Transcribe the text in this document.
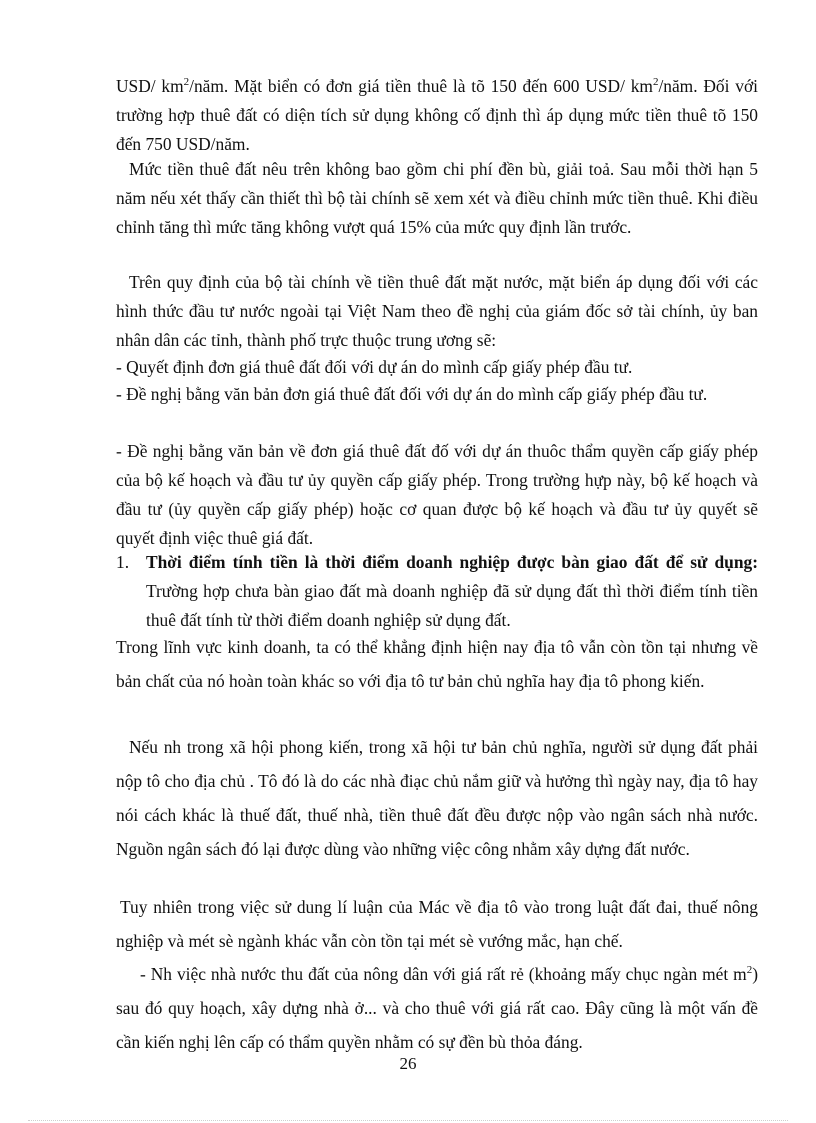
USD/ $km^2$/năm. Mặt biển có đơn giá tiền thuê là tõ 150 đến 600 USD/ $km^2$/năm. Đối với trường hợp thuê đất có diện tích sử dụng không cố định thì áp dụng mức tiền thuê tõ 150 đến 750 USD/năm.

Mức tiền thuê đất nêu trên không bao gồm chi phí đền bù, giải toả. Sau mỗi thời hạn 5 năm nếu xét thấy cần thiết thì bộ tài chính sẽ xem xét và điều chỉnh mức tiền thuê. Khi điều chỉnh tăng thì mức tăng không vượt quá 15% của mức quy định lần trước.

Trên quy định của bộ tài chính về tiền thuê đất mặt nước, mặt biển áp dụng đối với các hình thức đầu tư nước ngoài tại Việt Nam theo đề nghị của giám đốc sở tài chính, ủy ban nhân dân các tỉnh, thành phố trực thuộc trung ương sẽ:

- Quyết định đơn giá thuê đất đối với dự án do mình cấp giấy phép đầu tư.

- Đề nghị bằng văn bản đơn giá thuê đất đối với dự án do mình cấp giấy phép đầu tư.

- Đề nghị bằng văn bản về đơn giá thuê đất đố với dự án thuôc thẩm quyền cấp giấy phép của bộ kế hoạch và đầu tư ủy quyền cấp giấy phép. Trong trường hựp này, bộ kế hoạch và đầu tư (ủy quyền cấp giấy phép) hoặc cơ quan được bộ kế hoạch và đầu tư ủy quyết sẽ quyết định việc thuê giá đất.

1. Thời điểm tính tiền là thời điểm doanh nghiệp được bàn giao đất để sử dụng: Trường hợp chưa bàn giao đất mà doanh nghiệp đã sử dụng đất thì thời điểm tính tiền thuê đất tính từ thời điểm doanh nghiệp sử dụng đất.

Trong lĩnh vực kinh doanh, ta có thể khẳng định hiện nay địa tô vẫn còn tồn tại nhưng về bản chất của nó hoàn toàn khác so với địa tô tư bản chủ nghĩa hay địa tô phong kiến.

Nếu nh trong xã hội phong kiến, trong xã hội tư bản chủ nghĩa, người sử dụng đất phải nộp tô cho địa chủ . Tô đó là do các nhà điạc chủ nắm giữ và hưởng thì ngày nay, địa tô hay nói cách khác là thuế đất, thuế nhà, tiền thuê đất đều được nộp vào ngân sách nhà nước. Nguồn ngân sách đó lại được dùng vào những việc công nhằm xây dựng đất nước.

Tuy nhiên trong việc sử dung lí luận của Mác về địa tô vào trong luật đất đai, thuế nông nghiệp và mét sè ngành khác vẫn còn tồn tại mét sè vướng mắc, hạn chế.

- Nh việc nhà nước thu đất của nông dân với giá rất rẻ (khoảng mấy chục ngàn mét $m^2$) sau đó quy hoạch, xây dựng nhà ở... và cho thuê với giá rất cao. Đây cũng là một vấn đề cần kiến nghị lên cấp có thẩm quyền nhằm có sự đền bù thỏa đáng.

26
